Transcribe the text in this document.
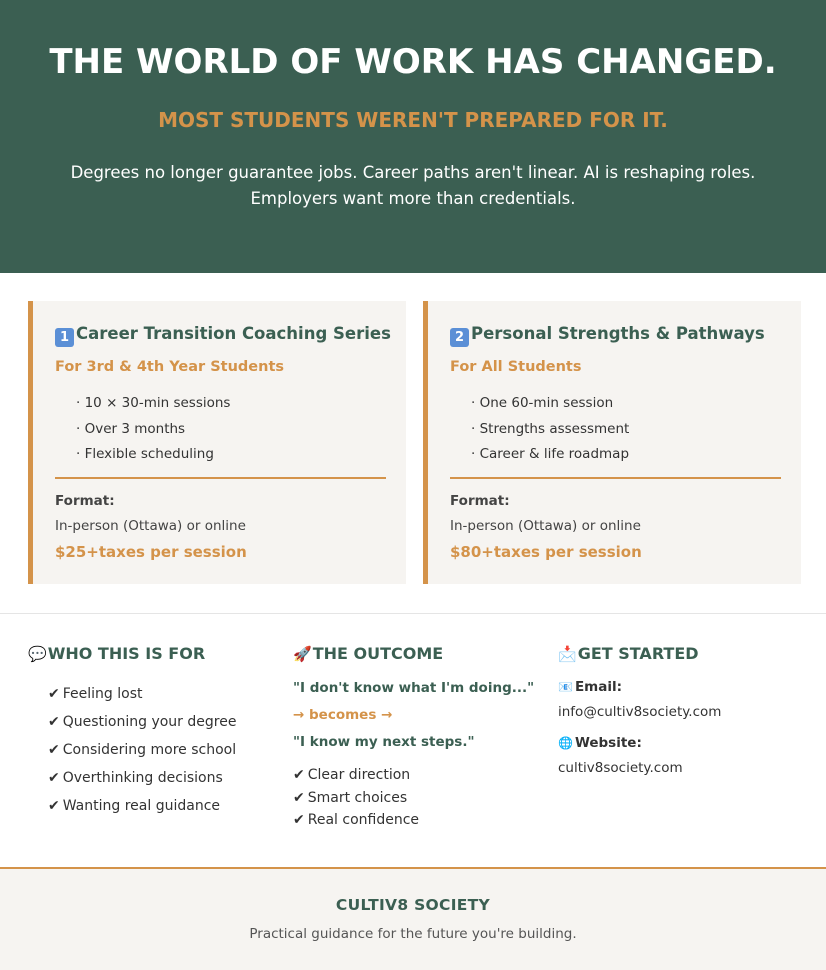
THE WORLD OF WORK HAS CHANGED.
MOST STUDENTS WEREN'T PREPARED FOR IT.

Degrees no longer guarantee jobs. Career paths aren't linear. AI is reshaping roles. Employers want more than credentials.

1 Career Transition Coaching Series
For 3rd & 4th Year Students
· 10 × 30-min sessions
· Over 3 months
· Flexible scheduling
Format:
In-person (Ottawa) or online
$25+taxes per session
2 Personal Strengths & Pathways
For All Students
· One 60-min session
· Strengths assessment
· Career & life roadmap
Format:
In-person (Ottawa) or online
$80+taxes per session
💬WHO THIS IS FOR
✔ Feeling lost
✔ Questioning your degree
✔ Considering more school
✔ Overthinking decisions
✔ Wanting real guidance
🚀THE OUTCOME
"I don't know what I'm doing..."
→ becomes →
"I know my next steps."
✔ Clear direction
✔ Smart choices
✔ Real confidence
📩GET STARTED
📧 Email:
info@cultiv8society.com
🌐 Website:
cultiv8society.com
CULTIV8 SOCIETY
Practical guidance for the future you're building.
